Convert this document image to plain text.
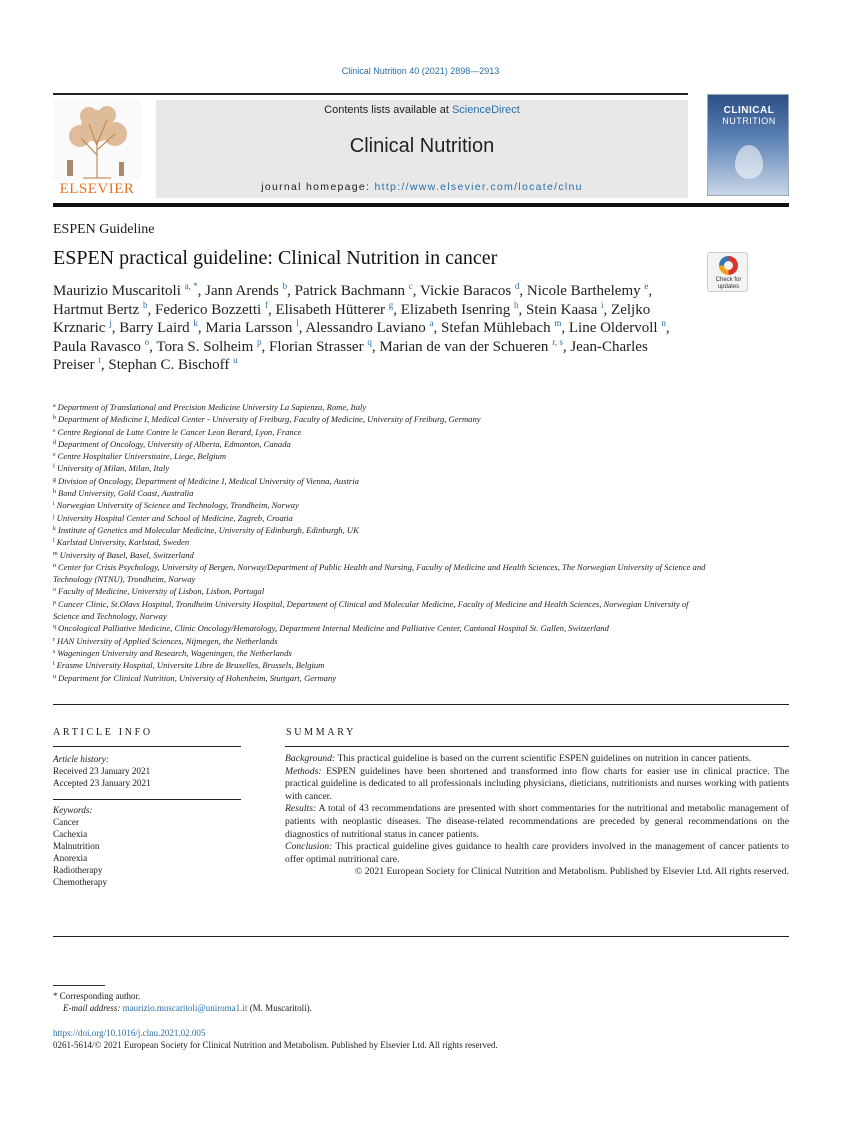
Clinical Nutrition 40 (2021) 2898—2913
ELSEVIER
Contents lists available at ScienceDirect
Clinical Nutrition
journal homepage: http://www.elsevier.com/locate/clnu
CLINICAL
NUTRITION
ESPEN Guideline
ESPEN practical guideline: Clinical Nutrition in cancer
Check for updates
Maurizio Muscaritoli $^{a, *}$, Jann Arends $^b$, Patrick Bachmann $^c$, Vickie Baracos $^d$, Nicole Barthelemy $^e$, Hartmut Bertz $^b$, Federico Bozzetti $^f$, Elisabeth Hütterer $^g$, Elizabeth Isenring $^h$, Stein Kaasa $^i$, Zeljko Krznaric $^j$, Barry Laird $^k$, Maria Larsson $^l$, Alessandro Laviano $^a$, Stefan Mühlebach $^m$, Line Oldervoll $^n$, Paula Ravasco $^o$, Tora S. Solheim $^p$, Florian Strasser $^q$, Marian de van der Schueren $^{r, s}$, Jean-Charles Preiser $^t$, Stephan C. Bischoff $^u$
$^a$ Department of Translational and Precision Medicine University La Sapienza, Rome, Italy
$^b$ Department of Medicine I, Medical Center - University of Freiburg, Faculty of Medicine, University of Freiburg, Germany
$^c$ Centre Regional de Lutte Contre le Cancer Leon Berard, Lyon, France
$^d$ Department of Oncology, University of Alberta, Edmonton, Canada
$^e$ Centre Hospitalier Universitaire, Liege, Belgium
$^f$ University of Milan, Milan, Italy
$^g$ Division of Oncology, Department of Medicine I, Medical University of Vienna, Austria
$^h$ Bond University, Gold Coast, Australia
$^i$ Norwegian University of Science and Technology, Trondheim, Norway
$^j$ University Hospital Center and School of Medicine, Zagreb, Croatia
$^k$ Institute of Genetics and Molecular Medicine, University of Edinburgh, Edinburgh, UK
$^l$ Karlstad University, Karlstad, Sweden
$^m$ University of Basel, Basel, Switzerland
$^n$ Center for Crisis Psychology, University of Bergen, Norway/Department of Public Health and Nursing, Faculty of Medicine and Health Sciences, The Norwegian University of Science and Technology (NTNU), Trondheim, Norway
$^o$ Faculty of Medicine, University of Lisbon, Lisbon, Portugal
$^p$ Cancer Clinic, St.Olavs Hospital, Trondheim University Hospital, Department of Clinical and Molecular Medicine, Faculty of Medicine and Health Sciences, Norwegian University of Science and Technology, Norway
$^q$ Oncological Palliative Medicine, Clinic Oncology/Hematology, Department Internal Medicine and Palliative Center, Cantonal Hospital St. Gallen, Switzerland
$^r$ HAN University of Applied Sciences, Nijmegen, the Netherlands
$^s$ Wageningen University and Research, Wageningen, the Netherlands
$^t$ Erasme University Hospital, Universite Libre de Bruxelles, Brussels, Belgium
$^u$ Department for Clinical Nutrition, University of Hohenheim, Stuttgart, Germany
ARTICLE INFO	SUMMARY
Article history:
Received 23 January 2021
Accepted 23 January 2021
Keywords:
Cancer
Cachexia
Malnutrition
Anorexia
Radiotherapy
Chemotherapy

Background: This practical guideline is based on the current scientific ESPEN guidelines on nutrition in cancer patients.

Methods: ESPEN guidelines have been shortened and transformed into flow charts for easier use in clinical practice. The practical guideline is dedicated to all professionals including physicians, dieticians, nutritionists and nurses working with patients with cancer.

Results: A total of 43 recommendations are presented with short commentaries for the nutritional and metabolic management of patients with neoplastic diseases. The disease-related recommendations are preceded by general recommendations on the diagnostics of nutritional status in cancer patients.

Conclusion: This practical guideline gives guidance to health care providers involved in the management of cancer patients to offer optimal nutritional care.

© 2021 European Society for Clinical Nutrition and Metabolism. Published by Elsevier Ltd. All rights reserved.

* Corresponding author.
E-mail address: maurizio.muscaritoli@uniroma1.it (M. Muscaritoli).
https://doi.org/10.1016/j.clnu.2021.02.005
0261-5614/© 2021 European Society for Clinical Nutrition and Metabolism. Published by Elsevier Ltd. All rights reserved.
